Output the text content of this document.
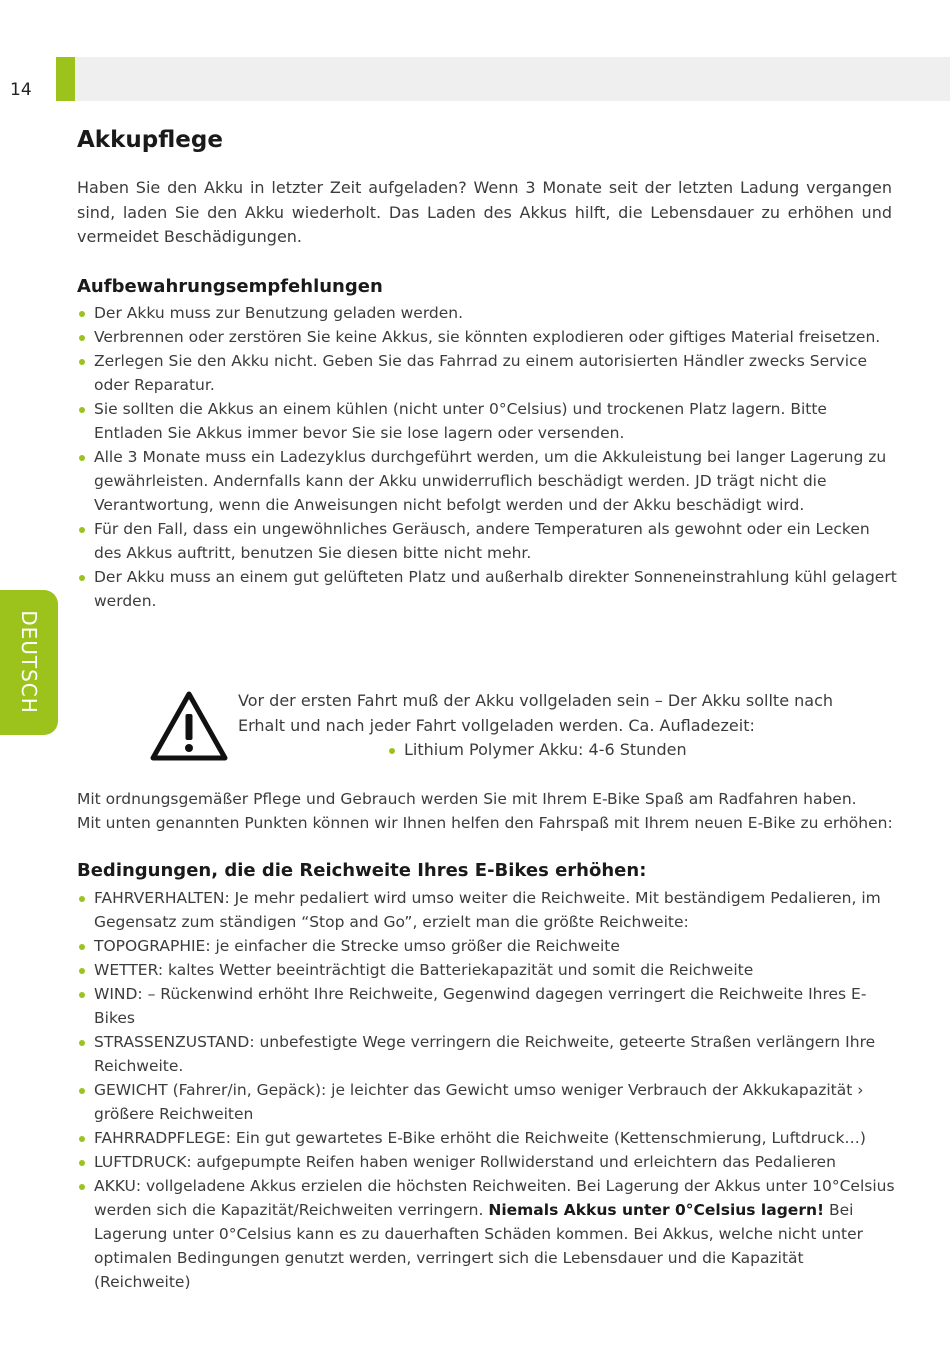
14
DEUTSCH
Akkupflege

Haben Sie den Akku in letzter Zeit aufgeladen? Wenn 3 Monate seit der letzten Ladung vergangen sind, laden Sie den Akku wiederholt. Das Laden des Akkus hilft, die Lebensdauer zu erhöhen und vermeidet Beschädigungen.

Aufbewahrungsempfehlungen
Der Akku muss zur Benutzung geladen werden.
Verbrennen oder zerstören Sie keine Akkus, sie könnten explodieren oder giftiges Material freisetzen.
Zerlegen Sie den Akku nicht. Geben Sie das Fahrrad zu einem autorisierten Händler zwecks Service oder Reparatur.
Sie sollten die Akkus an einem kühlen (nicht unter 0°Celsius) und trockenen Platz lagern. Bitte Entladen Sie Akkus immer bevor Sie sie lose lagern oder versenden.
Alle 3 Monate muss ein Ladezyklus durchgeführt werden, um die Akkuleistung bei langer Lagerung zu gewährleisten. Andernfalls kann der Akku unwiderruflich beschädigt werden. JD trägt nicht die Verantwortung, wenn die Anweisungen nicht befolgt werden und der Akku beschädigt wird.
Für den Fall, dass ein ungewöhnliches Geräusch, andere Temperaturen als gewohnt oder ein Lecken des Akkus auftritt, benutzen Sie diesen bitte nicht mehr.
Der Akku muss an einem gut gelüfteten Platz und außerhalb direkter Sonneneinstrahlung kühl gelagert werden.

Vor der ersten Fahrt muß der Akku vollgeladen sein – Der Akku sollte nach Erhalt und nach jeder Fahrt vollgeladen werden. Ca. Aufladezeit:

Lithium Polymer Akku: 4-6 Stunden

Mit ordnungsgemäßer Pflege und Gebrauch werden Sie mit Ihrem E-Bike Spaß am Radfahren haben.
Mit unten genannten Punkten können wir Ihnen helfen den Fahrspaß mit Ihrem neuen E-Bike zu erhöhen:

Bedingungen, die die Reichweite Ihres E-Bikes erhöhen:
FAHRVERHALTEN: Je mehr pedaliert wird umso weiter die Reichweite. Mit beständigem Pedalieren, im Gegensatz zum ständigen “Stop and Go”, erzielt man die größte Reichweite:
TOPOGRAPHIE: je einfacher die Strecke umso größer die Reichweite
WETTER: kaltes Wetter beeinträchtigt die Batteriekapazität und somit die Reichweite
WIND: – Rückenwind erhöht Ihre Reichweite, Gegenwind dagegen verringert die Reichweite Ihres E-Bikes
STRASSENZUSTAND: unbefestigte Wege verringern die Reichweite, geteerte Straßen verlängern Ihre Reichweite.
GEWICHT (Fahrer/in, Gepäck): je leichter das Gewicht umso weniger Verbrauch der Akkukapazität › größere Reichweiten
FAHRRADPFLEGE: Ein gut gewartetes E-Bike erhöht die Reichweite (Kettenschmierung, Luftdruck…)
LUFTDRUCK: aufgepumpte Reifen haben weniger Rollwiderstand und erleichtern das Pedalieren
AKKU: vollgeladene Akkus erzielen die höchsten Reichweiten. Bei Lagerung der Akkus unter 10°Celsius werden sich die Kapazität/Reichweiten verringern. Niemals Akkus unter 0°Celsius lagern! Bei Lagerung unter 0°Celsius kann es zu dauerhaften Schäden kommen. Bei Akkus, welche nicht unter optimalen Bedingungen genutzt werden, verringert sich die Lebensdauer und die Kapazität (Reichweite)
